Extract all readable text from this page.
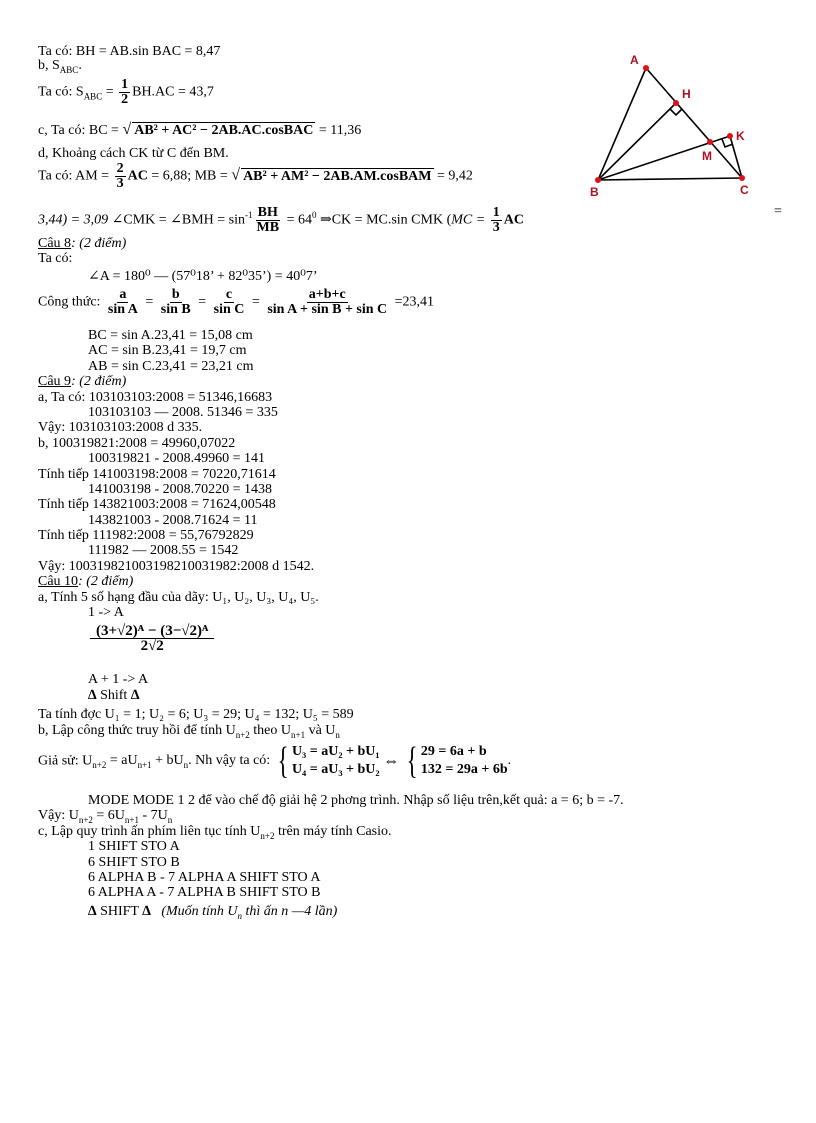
Ta có: BH = AB.sin BAC = 8,47
b, $S_{ABC}$.
Ta có: $S_{ABC} = \frac{1}{2} BH.AC = 43,7$
c, Ta có: BC = √ AB² + AC² − 2AB.AC.cosBAC = 11,36
d, Khoảng cách CK từ C đến BM.
Ta có: AM = $\frac{2}{3}$ AC = 6,88; MB = √ AB² + AM² − 2AB.AM.cosBAM = 9,42
=
3,44) = 3,09 ∠CMK = ∠BMH = $\sin^{-1} \frac{BH}{MB} = 64^0$ ⇒CK = MC.sin CMK ($MC = \frac{1}{3}$ AC
Câu 8: (2 điểm)
Ta có:
∠A = 180⁰ — (57⁰18’ + 82⁰35’) = 40⁰7’
Công thức: $\frac{a}{\text{sin A}} = \frac{b}{\text{sin B}} = \frac{c}{\text{sin C}} = \frac{a+b+c}{\text{sin A + sin B + sin C}} =23,41$
BC = sin A.23,41 = 15,08 cm
AC = sin B.23,41 = 19,7 cm
AB = sin C.23,41 = 23,21 cm
Câu 9: (2 điểm)
a, Ta có: 103103103:2008 = 51346,16683
103103103 — 2008. 51346 = 335
Vậy: 103103103:2008 d 335.
b, 100319821:2008 = 49960,07022
100319821 - 2008.49960 = 141
Tính tiếp 141003198:2008 = 70220,71614
141003198 - 2008.70220 = 1438
Tính tiếp 143821003:2008 = 71624,00548
143821003 - 2008.71624 = 11
Tính tiếp 111982:2008 = 55,76792829
111982 — 2008.55 = 1542
Vậy: 100319821003198210031982:2008 d 1542.
Câu 10: (2 điểm)
a, Tính 5 số hạng đầu của dãy: U₁, U₂, U₃, U₄, U₅.
1 -> A
$\frac{\text{(3+√2)ᴬ − (3−√2)ᴬ}}{2√2}$
A + 1 -> A
∆ Shift ∆
Ta tính đợc U₁ = 1; U₂ = 6; U₃ = 29; U₄ = 132; U₅ = 589
b, Lập công thức truy hồi để tính $U_{n+2}$ theo $U_{n+1}$ và $U_n$
Giả sử: $U_{n+2} = aU_{n+1} + bU_n$. Nh vậy ta có: { U₃ = aU₂ + bU₁
U₄ = aU₃ + bU₂ ⇔ { 29 = 6a + b
132 = 29a + 6b
.
MODE MODE 1 2 để vào chế độ giải hệ 2 phơng trình. Nhập số liệu trên,kết quả: a = 6; b = -7.
Vậy: $U_{n+2} = 6U_{n+1} - 7U_n$
c, Lập quy trình ấn phím liên tục tính $U_{n+2}$ trên máy tính Casio.
1 SHIFT STO A
6 SHIFT STO B
6 ALPHA B - 7 ALPHA A SHIFT STO A
6 ALPHA A - 7 ALPHA B SHIFT STO B
∆ SHIFT ∆ (Muốn tính $U_n$ thì ấn n —4 lần)
A
B	C
H
K
M
